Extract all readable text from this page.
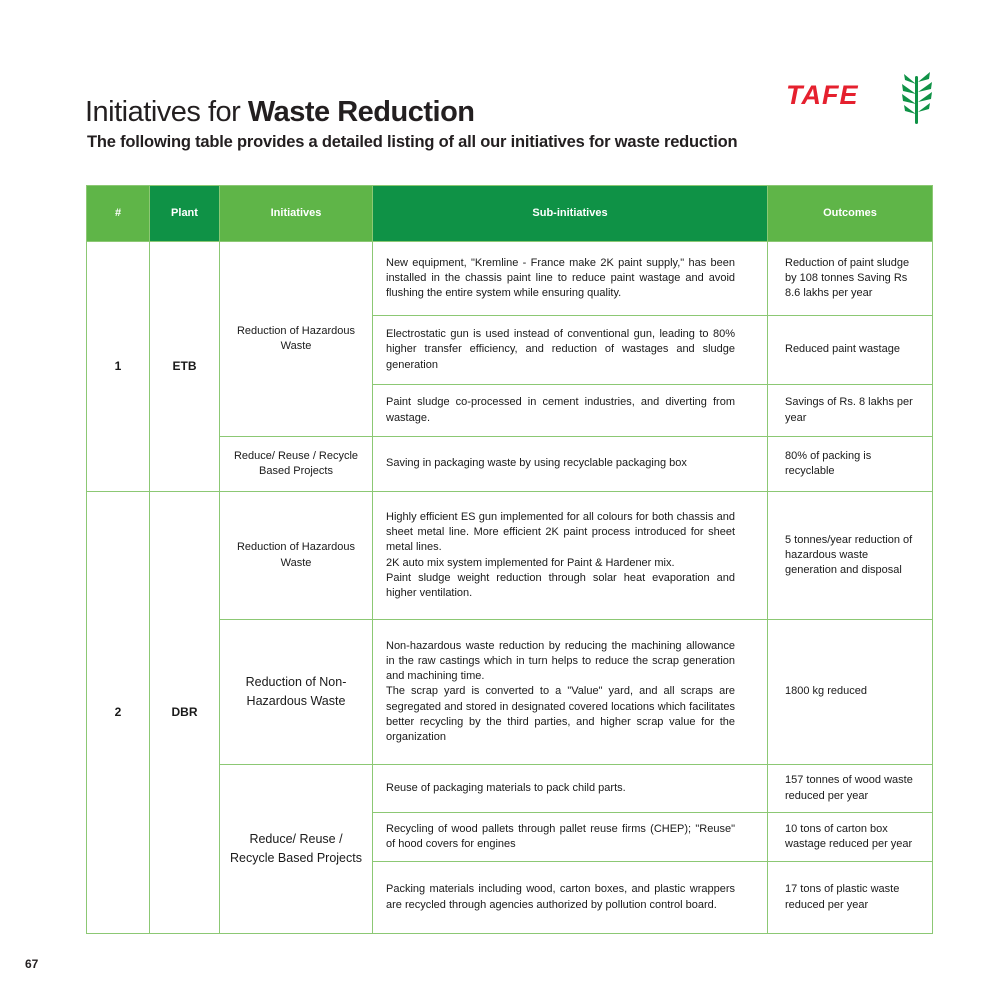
Initiatives for Waste Reduction
The following table provides a detailed listing of all our initiatives for waste reduction
TAFE
#	Plant	Initiatives	Sub-initiatives	Outcomes
1	ETB	Reduction of Hazardous Waste	New equipment, "Kremline - France make 2K paint supply," has been installed in the chassis paint line to reduce paint wastage and avoid flushing the entire system while ensuring quality.	Reduction of paint sludge by 108 tonnes Saving Rs 8.6 lakhs per year
			Electrostatic gun is used instead of conventional gun, leading to 80% higher transfer efficiency, and reduction of wastages and sludge generation	Reduced paint wastage
			Paint sludge co-processed in cement industries, and diverting from wastage.	Savings of Rs. 8 lakhs per year
		Reduce/ Reuse / Recycle Based Projects	Saving in packaging waste by using recyclable packaging box	80% of packing is recyclable
2	DBR	Reduction of Hazardous Waste	Highly efficient ES gun implemented for all colours for both chassis and sheet metal line. More efficient 2K paint process introduced for sheet metal lines.
2K auto mix system implemented for Paint & Hardener mix.
Paint sludge weight reduction through solar heat evaporation and higher ventilation.	5 tonnes/year reduction of hazardous waste generation and disposal
		Reduction of Non-Hazardous Waste	Non-hazardous waste reduction by reducing the machining allowance in the raw castings which in turn helps to reduce the scrap generation and machining time.
The scrap yard is converted to a "Value" yard, and all scraps are segregated and stored in designated covered locations which facilitates better recycling by the third parties, and higher scrap value for the organization	1800 kg reduced
		Reduce/ Reuse / Recycle Based Projects	Reuse of packaging materials to pack child parts.	157 tonnes of wood waste reduced per year
			Recycling of wood pallets through pallet reuse firms (CHEP); "Reuse" of hood covers for engines	10 tons of carton box wastage reduced per year
			Packing materials including wood, carton boxes, and plastic wrappers are recycled through agencies authorized by pollution control board.	17 tons of plastic waste reduced per year
67
